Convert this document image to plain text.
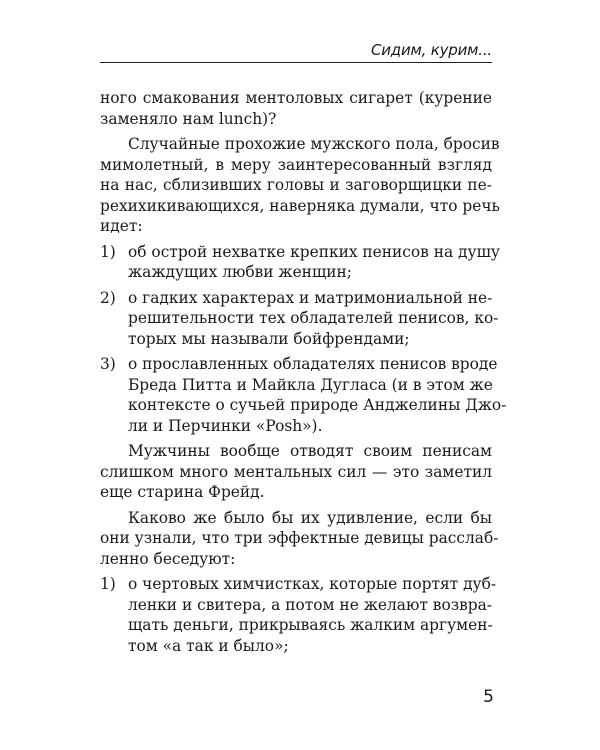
Сидим, курим...
ного смакования ментоловых сигарет (курение
заменяло нам lunch)?
Случайные прохожие мужского пола, бросив
мимолетный, в меру заинтересованный взгляд
на нас, сблизивших головы и заговорщицки пе-
рехихикивающихся, наверняка думали, что речь
идет:
1) об острой нехватке крепких пенисов на душу
жаждущих любви женщин;
2) о гадких характерах и матримониальной не-
решительности тех обладателей пенисов, ко-
торых мы называли бойфрендами;
3) о прославленных обладателях пенисов вроде
Бреда Питта и Майкла Дугласа (и в этом же
контексте о сучьей природе Анджелины Джо-
ли и Перчинки «Posh»).
Мужчины вообще отводят своим пенисам
слишком много ментальных сил — это заметил
еще старина Фрейд.
Каково же было бы их удивление, если бы
они узнали, что три эффектные девицы расслаб-
ленно беседуют:
1) о чертовых химчистках, которые портят дуб-
ленки и свитера, а потом не желают возвра-
щать деньги, прикрываясь жалким аргумен-
том «а так и было»;
5
